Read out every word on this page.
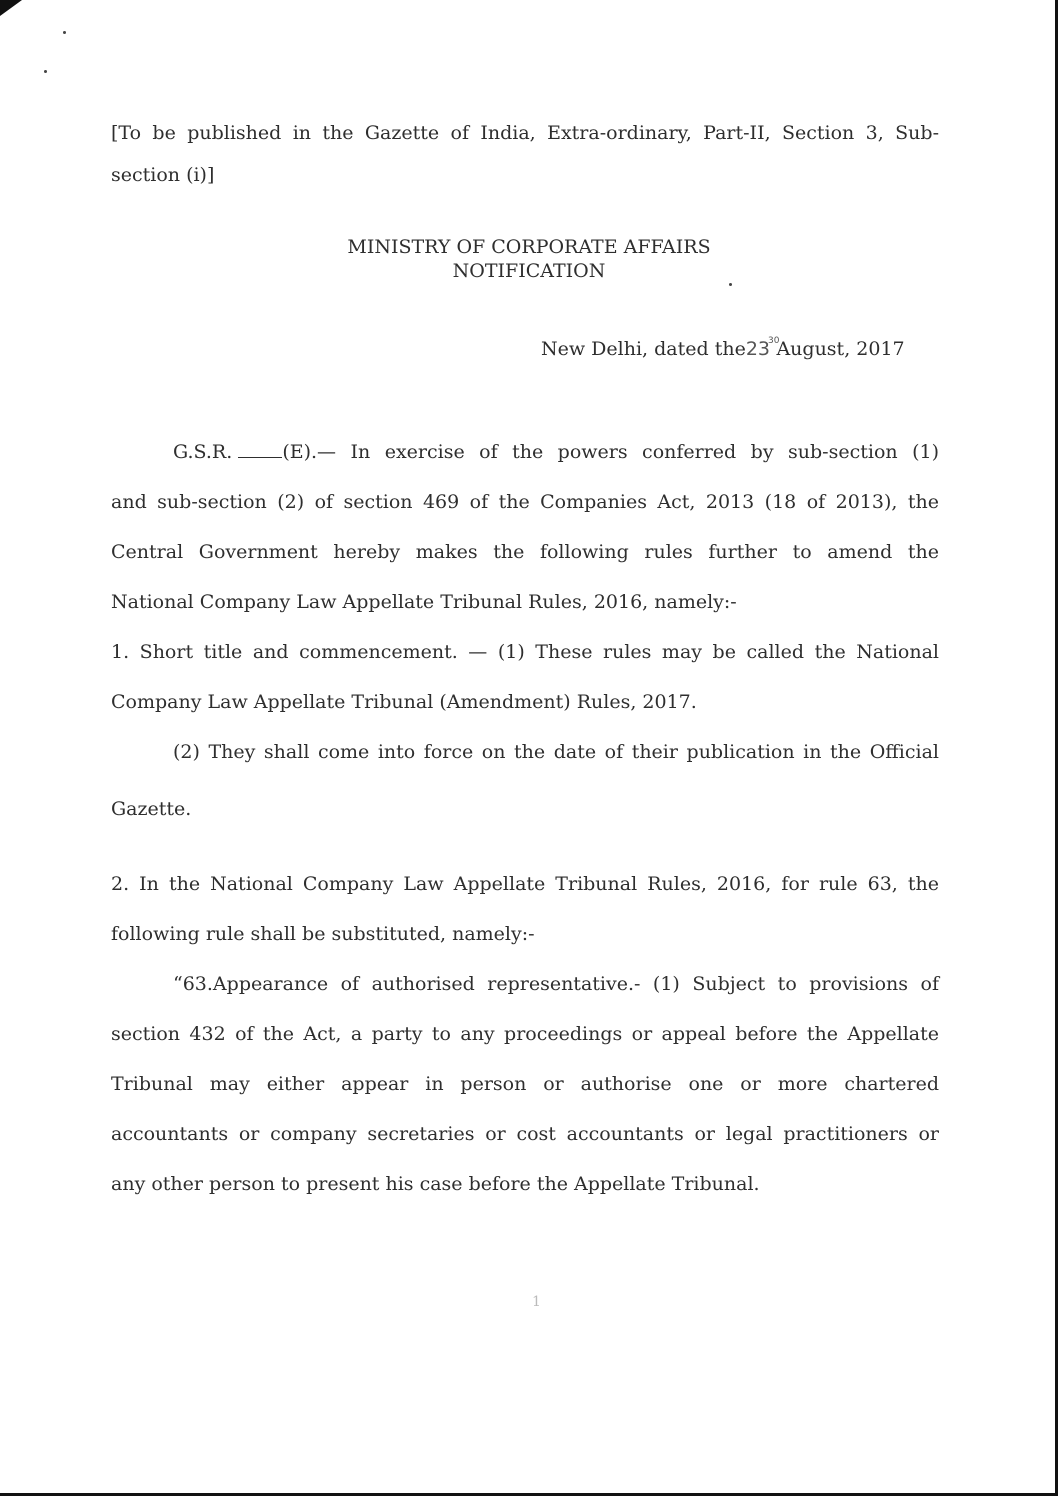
[To be published in the Gazette of India, Extra-ordinary, Part-II, Section 3, Sub-
section (i)]
MINISTRY OF CORPORATE AFFAIRS
NOTIFICATION
New Delhi, dated $the23^{30}August$, 2017
G.S.R.	(E).— In exercise of the powers conferred by sub-section (1)
and sub-section (2) of section 469 of the Companies Act, 2013 (18 of 2013), the
Central Government hereby makes the following rules further to amend the
National Company Law Appellate Tribunal Rules, 2016, namely:-
1. Short title and commencement. — (1) These rules may be called the National
Company Law Appellate Tribunal (Amendment) Rules, 2017.
(2) They shall come into force on the date of their publication in the Official
Gazette.
2. In the National Company Law Appellate Tribunal Rules, 2016, for rule 63, the
following rule shall be substituted, namely:-
“63.Appearance of authorised representative.- (1) Subject to provisions of
section 432 of the Act, a party to any proceedings or appeal before the Appellate
Tribunal may either appear in person or authorise one or more chartered
accountants or company secretaries or cost accountants or legal practitioners or
any other person to present his case before the Appellate Tribunal.
1
